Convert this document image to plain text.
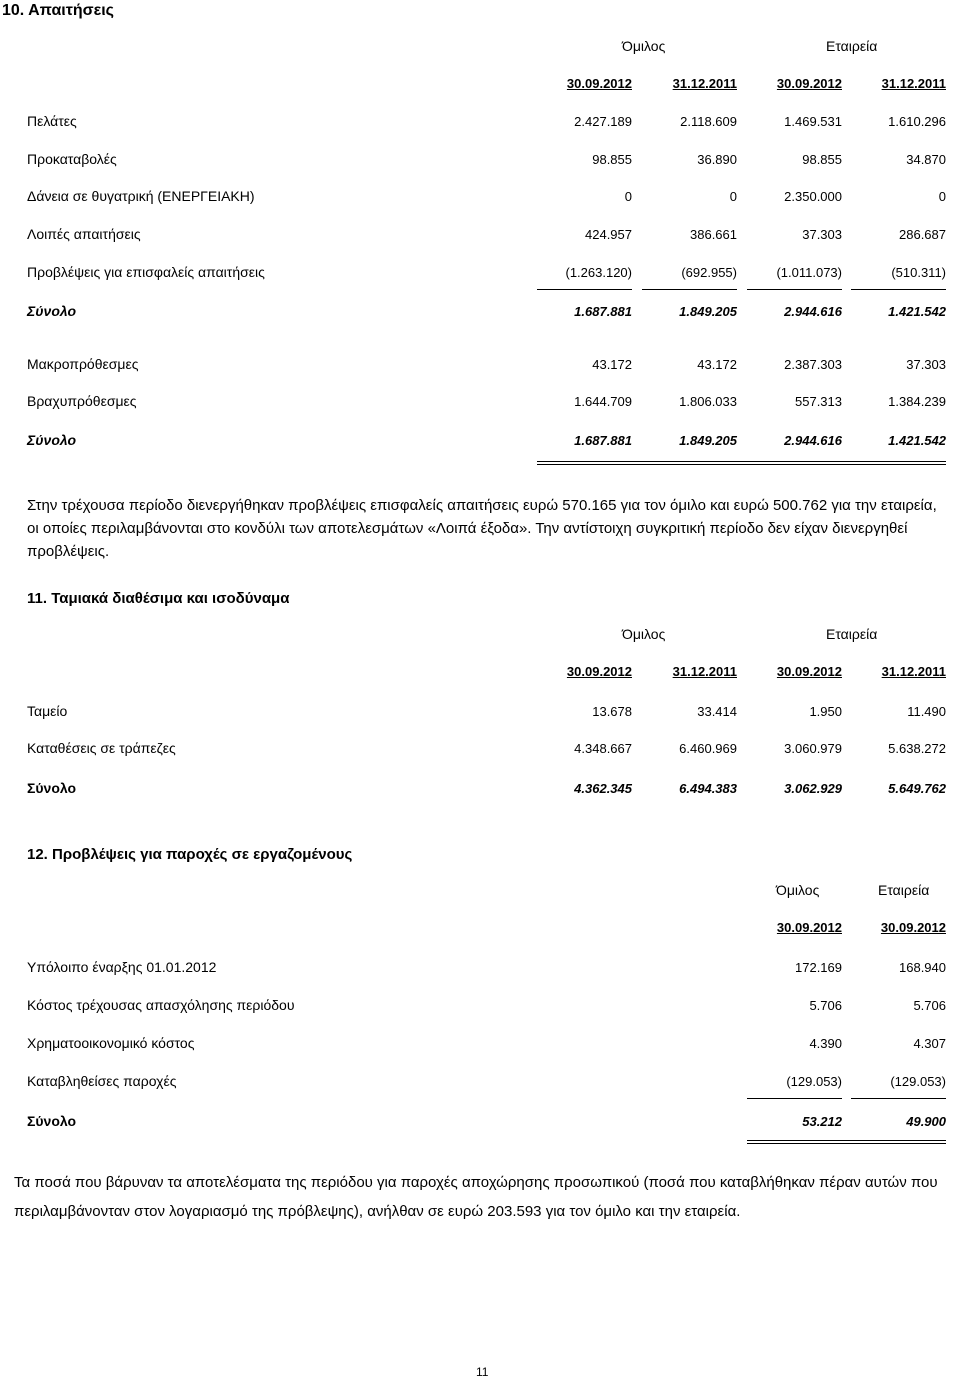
10. Απαιτήσεις
Όμιλος	Εταιρεία
30.09.2012	31.12.2011	30.09.2012	31.12.2011
Πελάτες	2.427.189	2.118.609	1.469.531	1.610.296
Προκαταβολές	98.855	36.890	98.855	34.870
Δάνεια σε θυγατρική (ΕΝΕΡΓΕΙΑΚΗ)	0	0	2.350.000	0
Λοιπές απαιτήσεις	424.957	386.661	37.303	286.687
Προβλέψεις για επισφαλείς απαιτήσεις	(1.263.120)	(692.955)	(1.011.073)	(510.311)
Σύνολο	1.687.881	1.849.205	2.944.616	1.421.542
Μακροπρόθεσμες	43.172	43.172	2.387.303	37.303
Βραχυπρόθεσμες	1.644.709	1.806.033	557.313	1.384.239
Σύνολο	1.687.881	1.849.205	2.944.616	1.421.542
Στην τρέχουσα περίοδο διενεργήθηκαν προβλέψεις επισφαλείς απαιτήσεις ευρώ 570.165 για τον όμιλο και ευρώ 500.762 για την εταιρεία, οι οποίες περιλαμβάνονται στο κονδύλι των αποτελεσμάτων «Λοιπά έξοδα». Την αντίστοιχη συγκριτική περίοδο δεν είχαν διενεργηθεί προβλέψεις.
11. Ταμιακά διαθέσιμα και ισοδύναμα
Όμιλος	Εταιρεία
30.09.2012	31.12.2011	30.09.2012	31.12.2011
Ταμείο	13.678	33.414	1.950	11.490
Καταθέσεις σε τράπεζες	4.348.667	6.460.969	3.060.979	5.638.272
Σύνολο	4.362.345	6.494.383	3.062.929	5.649.762
12. Προβλέψεις για παροχές σε εργαζομένους
Όμιλος	Εταιρεία
30.09.2012	30.09.2012
Υπόλοιπο έναρξης 01.01.2012	172.169	168.940
Κόστος τρέχουσας απασχόλησης περιόδου	5.706	5.706
Χρηματοοικονομικό κόστος	4.390	4.307
Καταβληθείσες παροχές	(129.053)	(129.053)
Σύνολο	53.212	49.900
Τα ποσά που βάρυναν τα αποτελέσματα της περιόδου για παροχές αποχώρησης προσωπικού (ποσά που καταβλήθηκαν πέραν αυτών που περιλαμβάνονταν στον λογαριασμό της πρόβλεψης), ανήλθαν σε ευρώ 203.593 για τον όμιλο και την εταιρεία.
11
